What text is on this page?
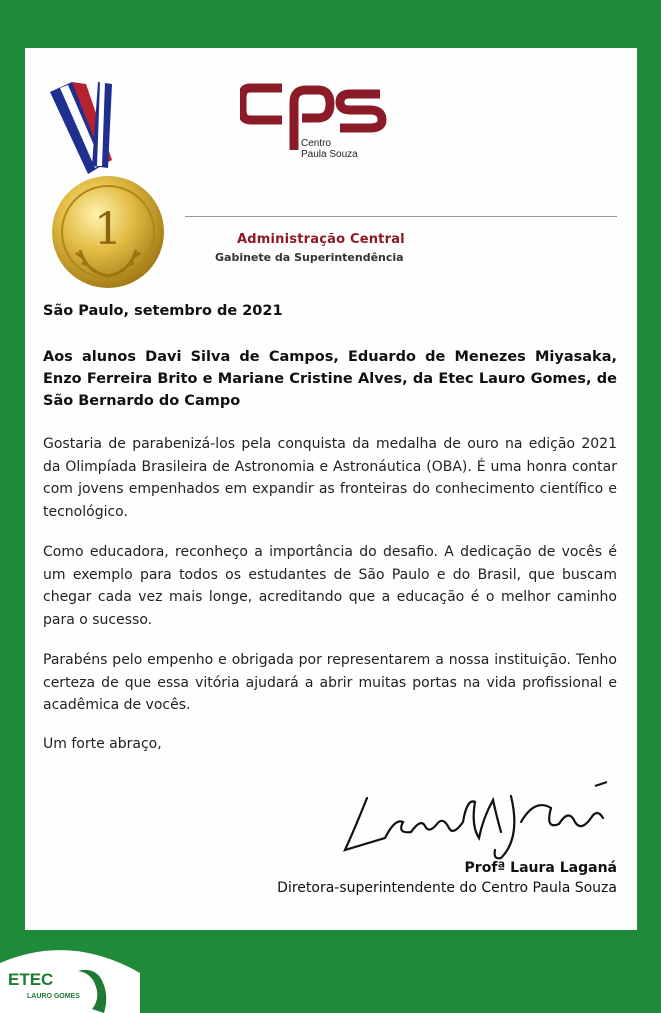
1
Centro
Paula Souza
Administração Central
Gabinete da Superintendência
São Paulo, setembro de 2021
Aos alunos Davi Silva de Campos, Eduardo de Menezes Miyasaka, Enzo Ferreira Brito e Mariane Cristine Alves, da Etec Lauro Gomes, de São Bernardo do Campo
Gostaria de parabenizá-los pela conquista da medalha de ouro na edição 2021 da Olimpíada Brasileira de Astronomia e Astronáutica (OBA). É uma honra contar com jovens empenhados em expandir as fronteiras do conhecimento científico e tecnológico.
Como educadora, reconheço a importância do desafio. A dedicação de vocês é um exemplo para todos os estudantes de São Paulo e do Brasil, que buscam chegar cada vez mais longe, acreditando que a educação é o melhor caminho para o sucesso.
Parabéns pelo empenho e obrigada por representarem a nossa instituição. Tenho certeza de que essa vitória ajudará a abrir muitas portas na vida profissional e acadêmica de vocês.
Um forte abraço,
Profª Laura Laganá
Diretora-superintendente do Centro Paula Souza
ETEC
LAURO GOMES
